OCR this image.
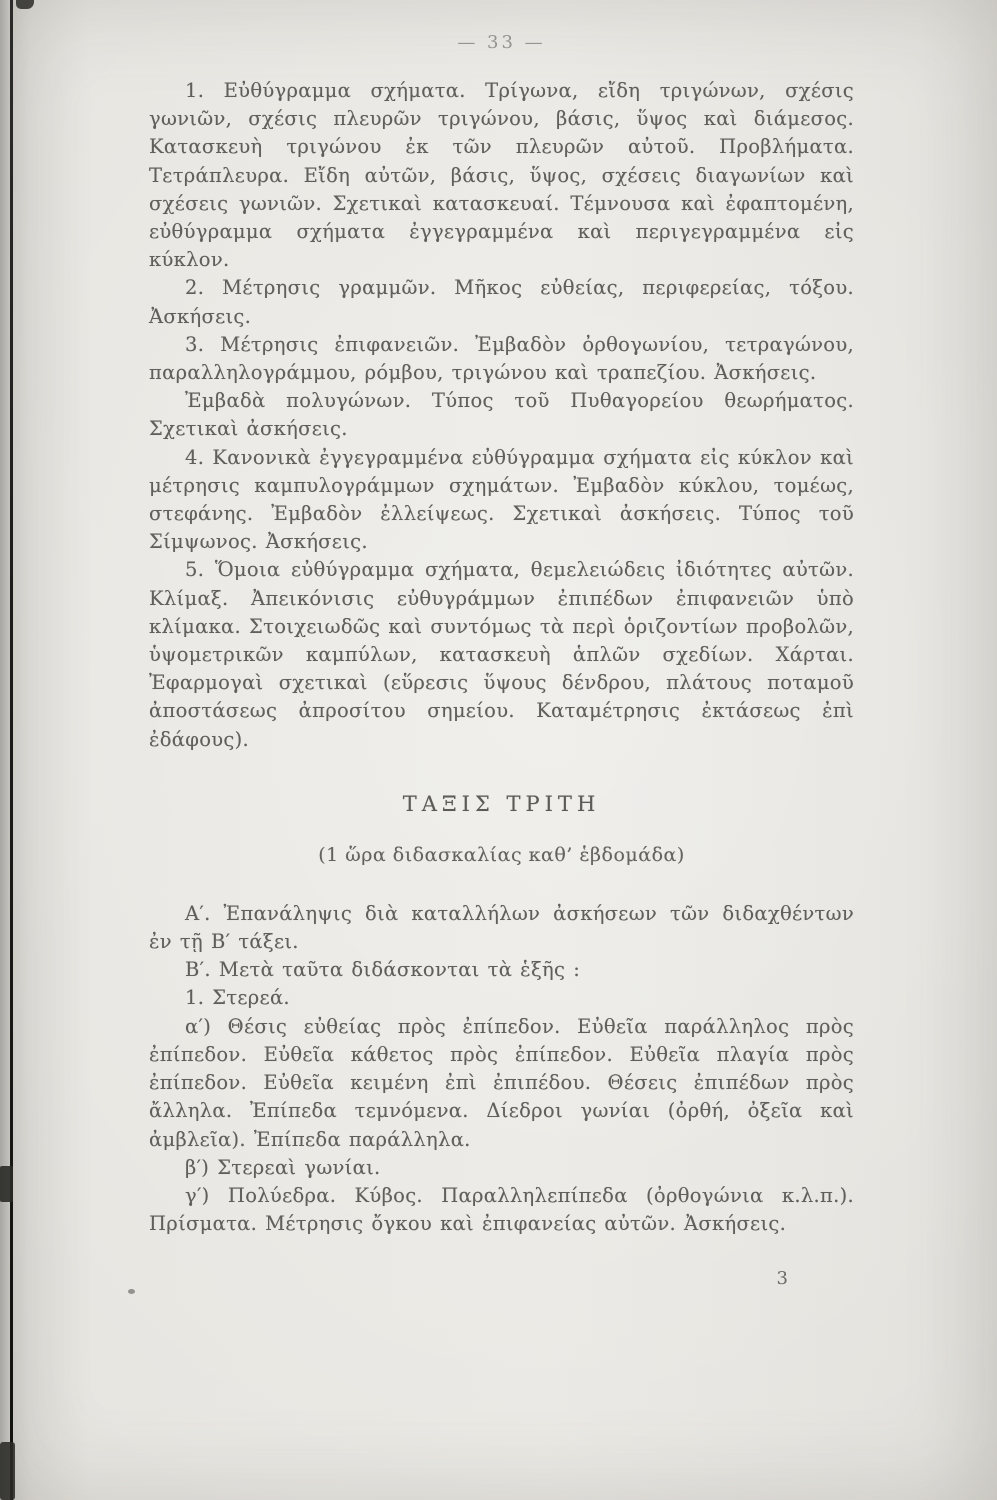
— 33 —

1. Εὐθύγραμμα σχήματα. Τρίγωνα, εἴδη τριγώνων, σχέσις γωνιῶν, σχέσις πλευρῶν τριγώνου, βάσις, ὕψος καὶ διάμεσος. Κατασκευὴ τριγώνου ἐκ τῶν πλευρῶν αὐτοῦ. Προβλήματα. Τετράπλευρα. Εἴδη αὐτῶν, βάσις, ὕψος, σχέσεις διαγωνίων καὶ σχέσεις γωνιῶν. Σχετικαὶ κατασκευαί. Τέμνουσα καὶ ἐφαπτομένη, εὐθύγραμμα σχήματα ἐγγεγραμμένα καὶ περιγεγραμμένα εἰς κύκλον.

2. Μέτρησις γραμμῶν. Μῆκος εὐθείας, περιφερείας, τόξου. Ἀσκήσεις.

3. Μέτρησις ἐπιφανειῶν. Ἐμβαδὸν ὀρθογωνίου, τετραγώνου, παραλληλογράμμου, ρόμβου, τριγώνου καὶ τραπεζίου. Ἀσκήσεις.

Ἐμβαδὰ πολυγώνων. Τύπος τοῦ Πυθαγορείου θεωρήματος. Σχετικαὶ ἀσκήσεις.

4. Κανονικὰ ἐγγεγραμμένα εὐθύγραμμα σχήματα εἰς κύκλον καὶ μέτρησις καμπυλογράμμων σχημάτων. Ἐμβαδὸν κύκλου, τομέως, στεφάνης. Ἐμβαδὸν ἐλλείψεως. Σχετικαὶ ἀσκήσεις. Τύπος τοῦ Σίμψωνος. Ἀσκήσεις.

5. Ὅμοια εὐθύγραμμα σχήματα, θεμελειώδεις ἰδιότητες αὐτῶν. Κλίμαξ. Ἀπεικόνισις εὐθυγράμμων ἐπιπέδων ἐπιφανειῶν ὑπὸ κλίμακα. Στοιχειωδῶς καὶ συντόμως τὰ περὶ ὁριζοντίων προβολῶν, ὑψομετρικῶν καμπύλων, κατασκευὴ ἁπλῶν σχεδίων. Χάρται. Ἐφαρμογαὶ σχετικαὶ (εὕρεσις ὕψους δένδρου, πλάτους ποταμοῦ ἀποστάσεως ἀπροσίτου σημείου. Καταμέτρησις ἐκτάσεως ἐπὶ ἐδάφους).

ΤΑΞΙΣ ΤΡΙΤΗ
(1 ὥρα διδασκαλίας καθ’ ἑβδομάδα)

Α′. Ἐπανάληψις διὰ καταλλήλων ἀσκήσεων τῶν διδαχθέντων ἐν τῇ Β′ τάξει.

Β′. Μετὰ ταῦτα διδάσκονται τὰ ἑξῆς :

1. Στερεά.

α′) Θέσις εὐθείας πρὸς ἐπίπεδον. Εὐθεῖα παράλληλος πρὸς ἐπίπεδον. Εὐθεῖα κάθετος πρὸς ἐπίπεδον. Εὐθεῖα πλαγία πρὸς ἐπίπεδον. Εὐθεῖα κειμένη ἐπὶ ἐπιπέδου. Θέσεις ἐπιπέδων πρὸς ἄλληλα. Ἐπίπεδα τεμνόμενα. Δίεδροι γωνίαι (ὀρθή, ὀξεῖα καὶ ἀμβλεῖα). Ἐπίπεδα παράλληλα.

β′) Στερεαὶ γωνίαι.

γ′) Πολύεδρα. Κύβος. Παραλληλεπίπεδα (ὀρθογώνια κ.λ.π.). Πρίσματα. Μέτρησις ὄγκου καὶ ἐπιφανείας αὐτῶν. Ἀσκήσεις.

3
